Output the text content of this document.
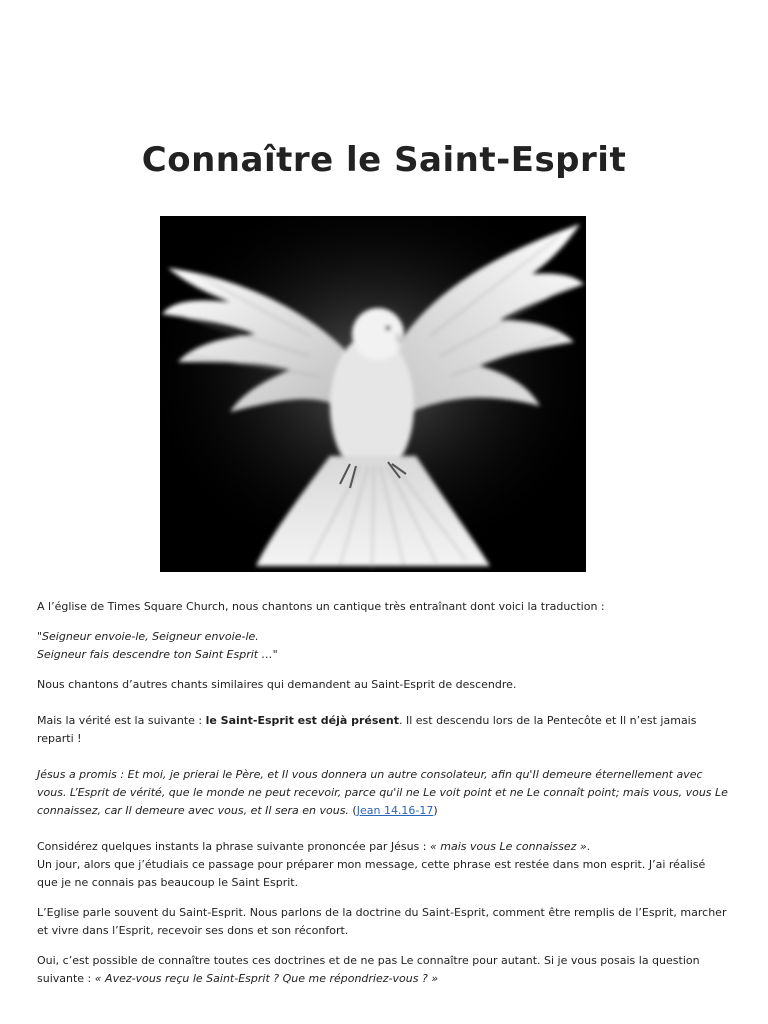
Connaître le Saint-Esprit

A l’église de Times Square Church, nous chantons un cantique très entraînant dont voici la traduction :

"Seigneur envoie-le, Seigneur envoie-le.
Seigneur fais descendre ton Saint Esprit …"

Nous chantons d’autres chants similaires qui demandent au Saint-Esprit de descendre.

Mais la vérité est la suivante : le Saint-Esprit est déjà présent. Il est descendu lors de la Pentecôte et Il n’est jamais reparti !

Jésus a promis : Et moi, je prierai le Père, et Il vous donnera un autre consolateur, afin qu'Il demeure éternellement avec vous. L’Esprit de vérité, que le monde ne peut recevoir, parce qu'il ne Le voit point et ne Le connaît point; mais vous, vous Le connaissez, car Il demeure avec vous, et Il sera en vous. (Jean 14.16-17)

Considérez quelques instants la phrase suivante prononcée par Jésus : « mais vous Le connaissez ».
Un jour, alors que j’étudiais ce passage pour préparer mon message, cette phrase est restée dans mon esprit. J’ai réalisé que je ne connais pas beaucoup le Saint Esprit.

L’Eglise parle souvent du Saint-Esprit. Nous parlons de la doctrine du Saint-Esprit, comment être remplis de l’Esprit, marcher et vivre dans l’Esprit, recevoir ses dons et son réconfort.

Oui, c’est possible de connaître toutes ces doctrines et de ne pas Le connaître pour autant. Si je vous posais la question suivante : « Avez-vous reçu le Saint-Esprit ? Que me répondriez-vous ? »
